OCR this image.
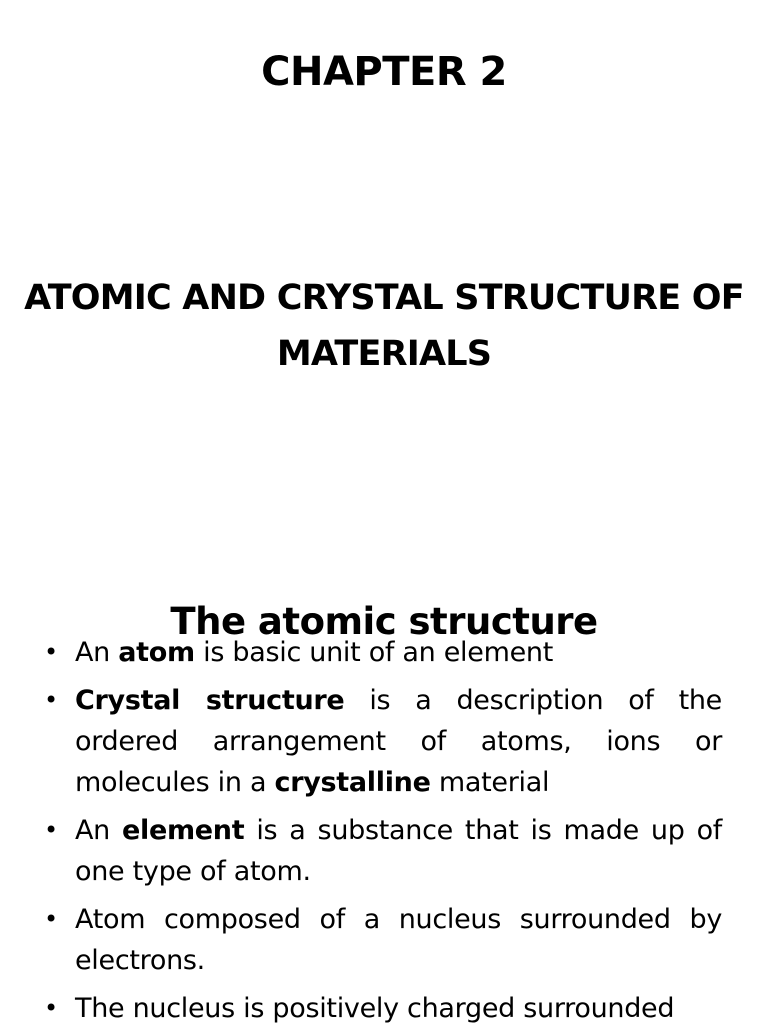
CHAPTER 2
ATOMIC AND CRYSTAL STRUCTURE OF MATERIALS
The atomic structure
• An atom is basic unit of an element
• Crystal structure is a description of the ordered arrangement of atoms, ions or molecules in a crystalline material
• An element is a substance that is made up of one type of atom.
• Atom composed of a nucleus surrounded by electrons.
• The nucleus is positively charged surrounded
